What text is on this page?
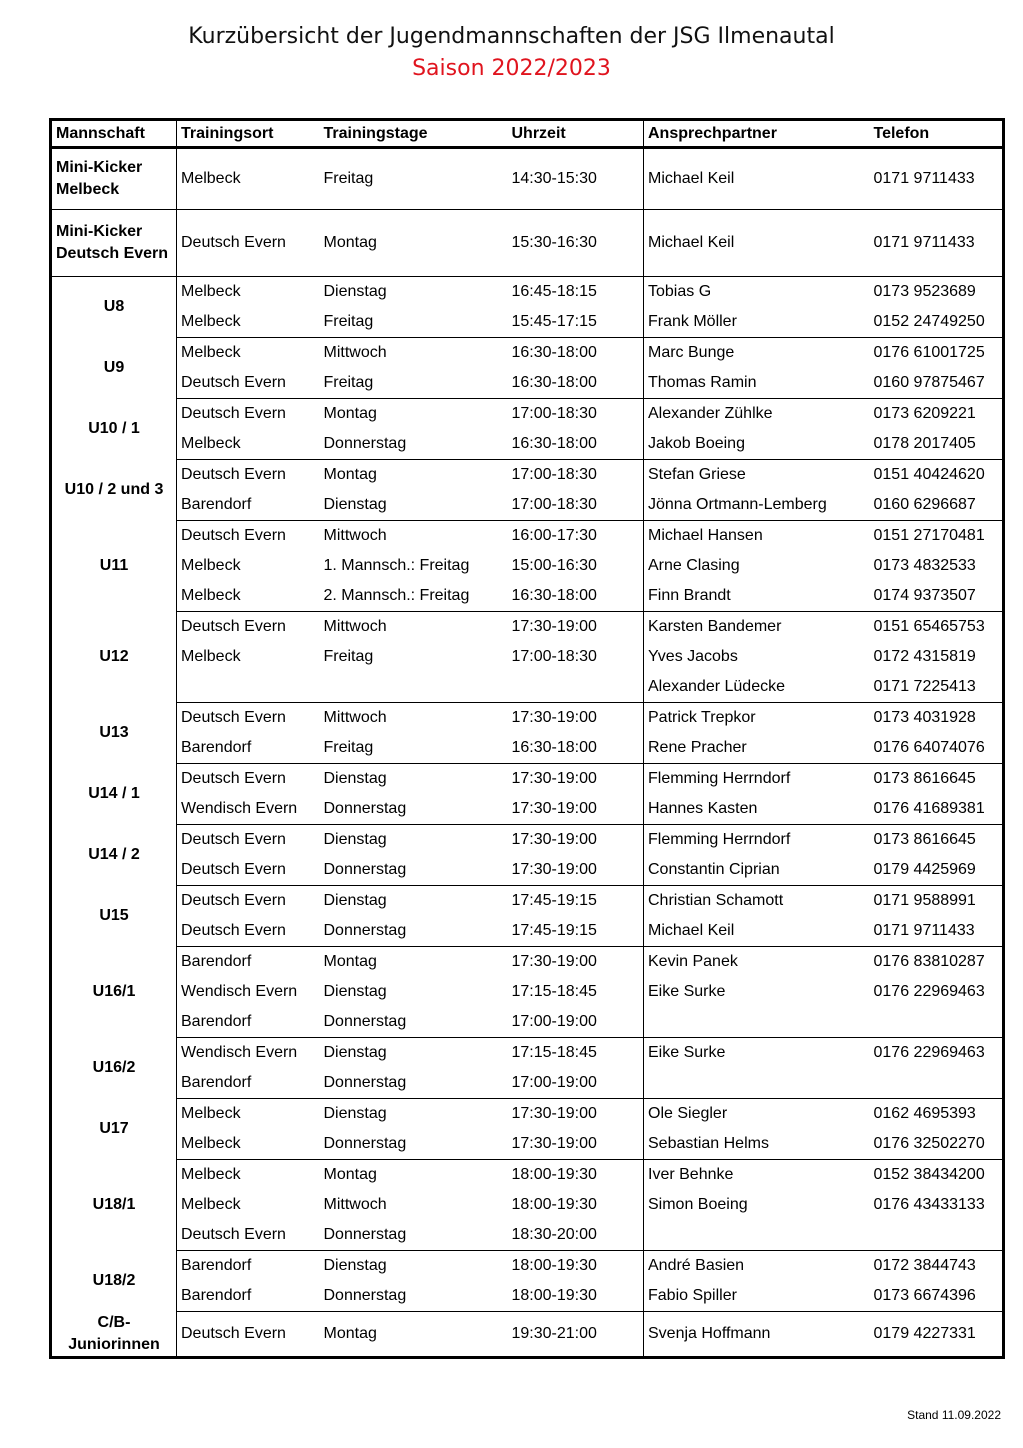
Kurzübersicht der Jugendmannschaften der JSG Ilmenautal
Saison 2022/2023
Mannschaft	Trainingsort	Trainingstage	Uhrzeit	Ansprechpartner	Telefon
Mini-Kicker Melbeck	Melbeck	Freitag	14:30-15:30	Michael Keil	0171 9711433
Mini-Kicker Deutsch Evern	Deutsch Evern	Montag	15:30-16:30	Michael Keil	0171 9711433
U8	Melbeck	Dienstag	16:45-18:15	Tobias G	0173 9523689
	Melbeck	Freitag	15:45-17:15	Frank Möller	0152 24749250
U9	Melbeck	Mittwoch	16:30-18:00	Marc Bunge	0176 61001725
	Deutsch Evern	Freitag	16:30-18:00	Thomas Ramin	0160 97875467
U10 / 1	Deutsch Evern	Montag	17:00-18:30	Alexander Zühlke	0173 6209221
	Melbeck	Donnerstag	16:30-18:00	Jakob Boeing	0178 2017405
U10 / 2 und 3	Deutsch Evern	Montag	17:00-18:30	Stefan Griese	0151 40424620
	Barendorf	Dienstag	17:00-18:30	Jönna Ortmann-Lemberg	0160 6296687
U11	Deutsch Evern	Mittwoch	16:00-17:30	Michael Hansen	0151 27170481
	Melbeck	1. Mannsch.: Freitag	15:00-16:30	Arne Clasing	0173 4832533
	Melbeck	2. Mannsch.: Freitag	16:30-18:00	Finn Brandt	0174 9373507
U12	Deutsch Evern	Mittwoch	17:30-19:00	Karsten Bandemer	0151 65465753
	Melbeck	Freitag	17:00-18:30	Yves Jacobs	0172 4315819
				Alexander Lüdecke	0171 7225413
U13	Deutsch Evern	Mittwoch	17:30-19:00	Patrick Trepkor	0173 4031928
	Barendorf	Freitag	16:30-18:00	Rene Pracher	0176 64074076
U14 / 1	Deutsch Evern	Dienstag	17:30-19:00	Flemming Herrndorf	0173 8616645
	Wendisch Evern	Donnerstag	17:30-19:00	Hannes Kasten	0176 41689381
U14 / 2	Deutsch Evern	Dienstag	17:30-19:00	Flemming Herrndorf	0173 8616645
	Deutsch Evern	Donnerstag	17:30-19:00	Constantin Ciprian	0179 4425969
U15	Deutsch Evern	Dienstag	17:45-19:15	Christian Schamott	0171 9588991
	Deutsch Evern	Donnerstag	17:45-19:15	Michael Keil	0171 9711433
U16/1	Barendorf	Montag	17:30-19:00	Kevin Panek	0176 83810287
	Wendisch Evern	Dienstag	17:15-18:45	Eike Surke	0176 22969463
	Barendorf	Donnerstag	17:00-19:00		
U16/2	Wendisch Evern	Dienstag	17:15-18:45	Eike Surke	0176 22969463
	Barendorf	Donnerstag	17:00-19:00		
U17	Melbeck	Dienstag	17:30-19:00	Ole Siegler	0162 4695393
	Melbeck	Donnerstag	17:30-19:00	Sebastian Helms	0176 32502270
U18/1	Melbeck	Montag	18:00-19:30	Iver Behnke	0152 38434200
	Melbeck	Mittwoch	18:00-19:30	Simon Boeing	0176 43433133
	Deutsch Evern	Donnerstag	18:30-20:00		
U18/2	Barendorf	Dienstag	18:00-19:30	André Basien	0172 3844743
	Barendorf	Donnerstag	18:00-19:30	Fabio Spiller	0173 6674396
C/B-Juniorinnen	Deutsch Evern	Montag	19:30-21:00	Svenja Hoffmann	0179 4227331
Stand 11.09.2022
